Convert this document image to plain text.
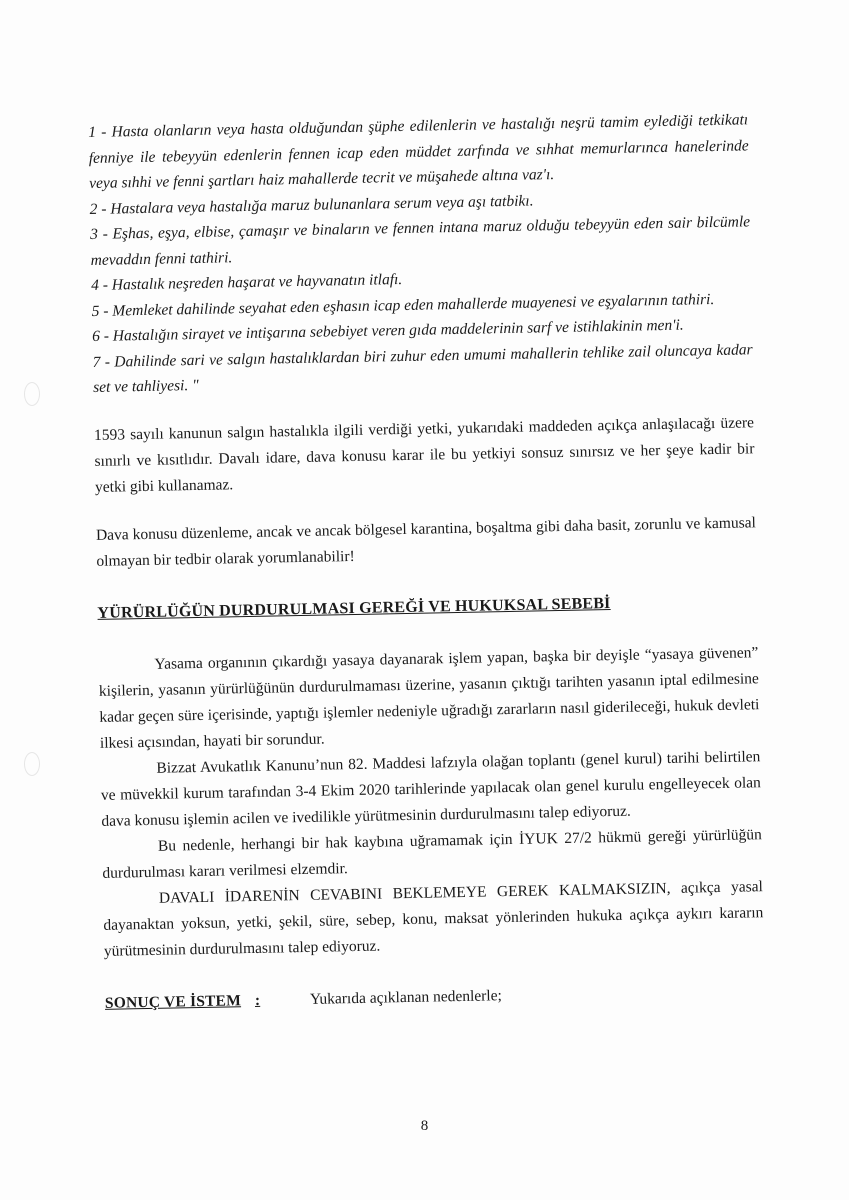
1 - Hasta olanların veya hasta olduğundan şüphe edilenlerin ve hastalığı neşrü tamim eylediği tetkikatı fenniye ile tebeyyün edenlerin fennen icap eden müddet zarfında ve sıhhat memurlarınca hanelerinde veya sıhhi ve fenni şartları haiz mahallerde tecrit ve müşahede altına vaz'ı.

2 - Hastalara veya hastalığa maruz bulunanlara serum veya aşı tatbikı.

3 - Eşhas, eşya, elbise, çamaşır ve binaların ve fennen intana maruz olduğu tebeyyün eden sair bilcümle mevaddın fenni tathiri.

4 - Hastalık neşreden haşarat ve hayvanatın itlafı.

5 - Memleket dahilinde seyahat eden eşhasın icap eden mahallerde muayenesi ve eşyalarının tathiri.

6 - Hastalığın sirayet ve intişarına sebebiyet veren gıda maddelerinin sarf ve istihlakinin men'i.

7 - Dahilinde sari ve salgın hastalıklardan biri zuhur eden umumi mahallerin tehlike zail oluncaya kadar set ve tahliyesi. "

1593 sayılı kanunun salgın hastalıkla ilgili verdiği yetki, yukarıdaki maddeden açıkça anlaşılacağı üzere sınırlı ve kısıtlıdır. Davalı idare, dava konusu karar ile bu yetkiyi sonsuz sınırsız ve her şeye kadir bir yetki gibi kullanamaz.

Dava konusu düzenleme, ancak ve ancak bölgesel karantina, boşaltma gibi daha basit, zorunlu ve kamusal olmayan bir tedbir olarak yorumlanabilir!

YÜRÜRLÜĞÜN DURDURULMASI GEREĞİ VE HUKUKSAL SEBEBİ

Yasama organının çıkardığı yasaya dayanarak işlem yapan, başka bir deyişle “yasaya güvenen” kişilerin, yasanın yürürlüğünün durdurulmaması üzerine, yasanın çıktığı tarihten yasanın iptal edilmesine kadar geçen süre içerisinde, yaptığı işlemler nedeniyle uğradığı zararların nasıl giderileceği, hukuk devleti ilkesi açısından, hayati bir sorundur.

Bizzat Avukatlık Kanunu’nun 82. Maddesi lafzıyla olağan toplantı (genel kurul) tarihi belirtilen ve müvekkil kurum tarafından 3-4 Ekim 2020 tarihlerinde yapılacak olan genel kurulu engelleyecek olan dava konusu işlemin acilen ve ivedilikle yürütmesinin durdurulmasını talep ediyoruz.

Bu nedenle, herhangi bir hak kaybına uğramamak için İYUK 27/2 hükmü gereği yürürlüğün durdurulması kararı verilmesi elzemdir.

DAVALI İDARENİN CEVABINI BEKLEMEYE GEREK KALMAKSIZIN, açıkça yasal dayanaktan yoksun, yetki, şekil, süre, sebep, konu, maksat yönlerinden hukuka açıkça aykırı kararın yürütmesinin durdurulmasını talep ediyoruz.

SONUÇ VE İSTEM :	Yukarıda açıklanan nedenlerle;
8
